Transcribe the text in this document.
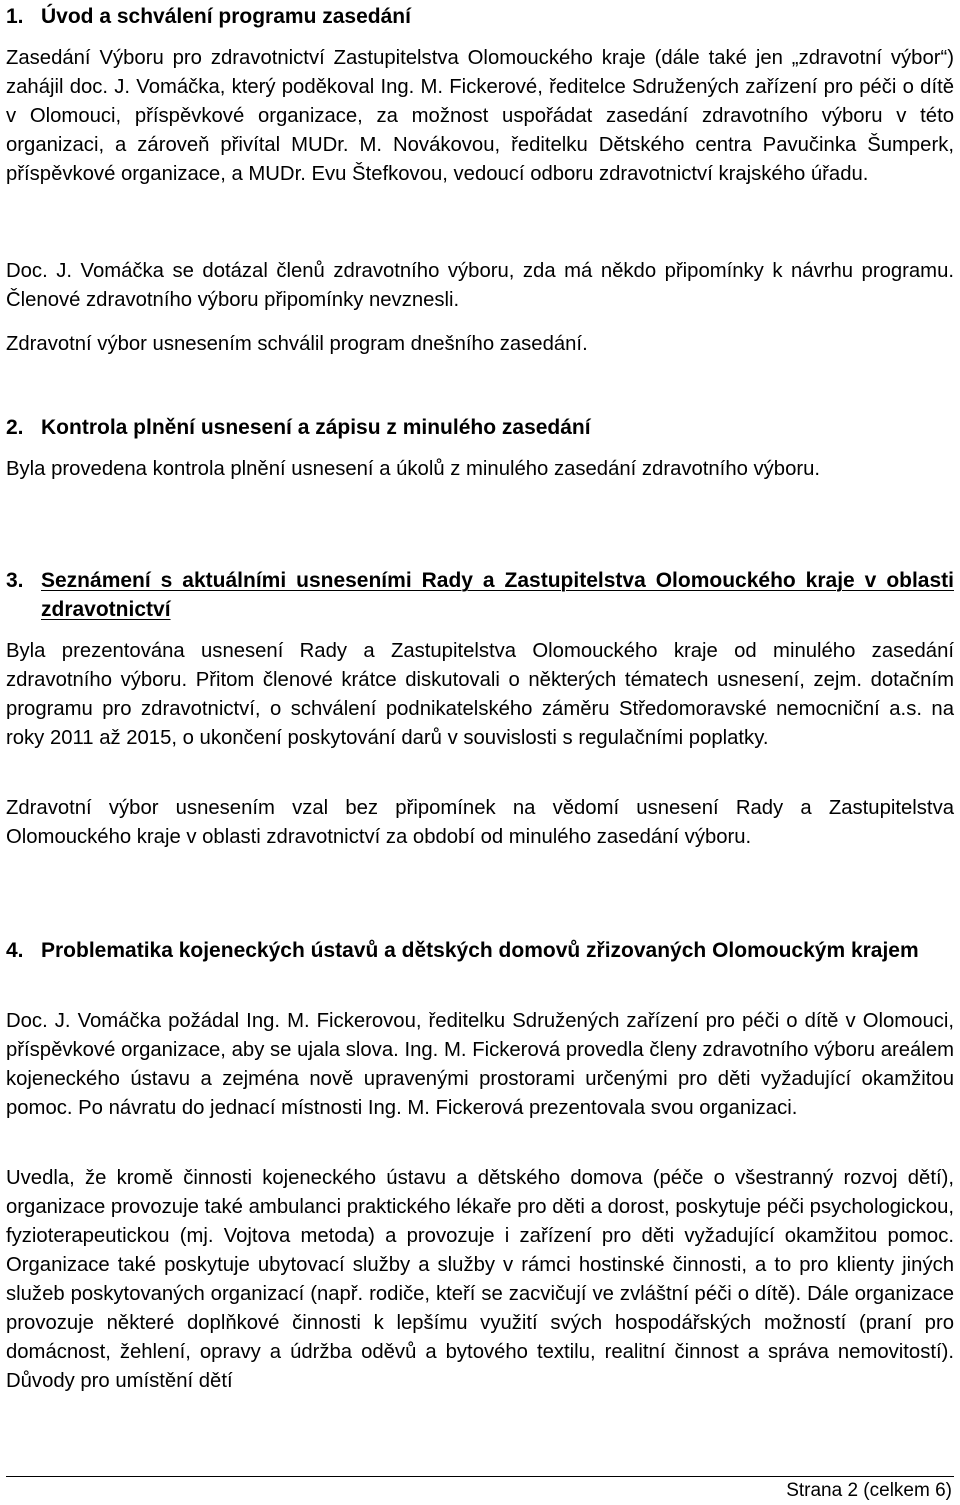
1. Úvod a schválení programu zasedání

Zasedání Výboru pro zdravotnictví Zastupitelstva Olomouckého kraje (dále také jen „zdravotní výbor“) zahájil doc. J. Vomáčka, který poděkoval Ing. M. Fickerové, ředitelce Sdružených zařízení pro péči o dítě v Olomouci, příspěvkové organizace, za možnost uspořádat zasedání zdravotního výboru v této organizaci, a zároveň přivítal MUDr. M. Novákovou, ředitelku Dětského centra Pavučinka Šumperk, příspěvkové organizace, a MUDr. Evu Štefkovou, vedoucí odboru zdravotnictví krajského úřadu.

Doc. J. Vomáčka se dotázal členů zdravotního výboru, zda má někdo připomínky k návrhu programu. Členové zdravotního výboru připomínky nevznesli.

Zdravotní výbor usnesením schválil program dnešního zasedání.

2. Kontrola plnění usnesení a zápisu z minulého zasedání

Byla provedena kontrola plnění usnesení a úkolů z minulého zasedání zdravotního výboru.

3. Seznámení s aktuálními usneseními Rady a Zastupitelstva Olomouckého kraje v oblasti zdravotnictví

Byla prezentována usnesení Rady a Zastupitelstva Olomouckého kraje od minulého zasedání zdravotního výboru. Přitom členové krátce diskutovali o některých tématech usnesení, zejm. dotačním programu pro zdravotnictví, o schválení podnikatelského záměru Středomoravské nemocniční a.s. na roky 2011 až 2015, o ukončení poskytování darů v souvislosti s regulačními poplatky.

Zdravotní výbor usnesením vzal bez připomínek na vědomí usnesení Rady a Zastupitelstva Olomouckého kraje v oblasti zdravotnictví za období od minulého zasedání výboru.

4. Problematika kojeneckých ústavů a dětských domovů zřizovaných Olomouckým krajem

Doc. J. Vomáčka požádal Ing. M. Fickerovou, ředitelku Sdružených zařízení pro péči o dítě v Olomouci, příspěvkové organizace, aby se ujala slova. Ing. M. Fickerová provedla členy zdravotního výboru areálem kojeneckého ústavu a zejména nově upravenými prostorami určenými pro děti vyžadující okamžitou pomoc. Po návratu do jednací místnosti Ing. M. Fickerová prezentovala svou organizaci.

Uvedla, že kromě činnosti kojeneckého ústavu a dětského domova (péče o všestranný rozvoj dětí), organizace provozuje také ambulanci praktického lékaře pro děti a dorost, poskytuje péči psychologickou, fyzioterapeutickou (mj. Vojtova metoda) a provozuje i zařízení pro děti vyžadující okamžitou pomoc. Organizace také poskytuje ubytovací služby a služby v rámci hostinské činnosti, a to pro klienty jiných služeb poskytovaných organizací (např. rodiče, kteří se zacvičují ve zvláštní péči o dítě). Dále organizace provozuje některé doplňkové činnosti k lepšímu využití svých hospodářských možností (praní pro domácnost, žehlení, opravy a údržba oděvů a bytového textilu, realitní činnost a správa nemovitostí). Důvody pro umístění dětí

Strana 2 (celkem 6)
